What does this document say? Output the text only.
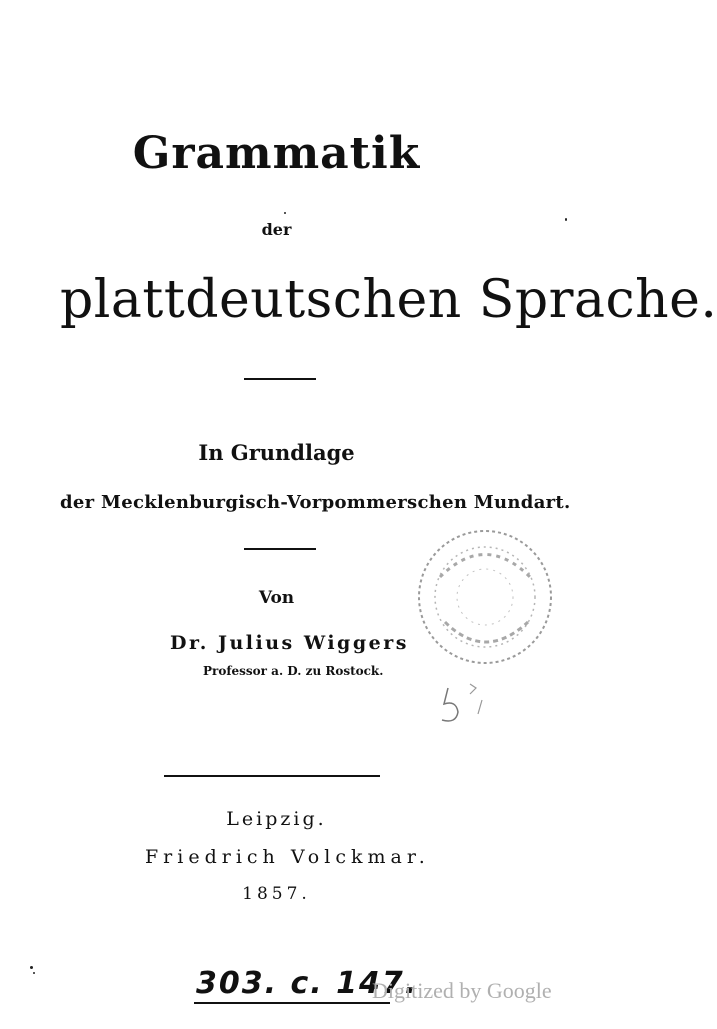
Grammatik
der
plattdeutschen Sprache.
In Grundlage
der Mecklenburgisch-Vorpommerschen Mundart.
Von
Dr. Julius Wiggers
Professor a. D. zu Rostock.
Leipzig.
Friedrich Volckmar.
1857.
303. c. 147.
Digitized by Google
